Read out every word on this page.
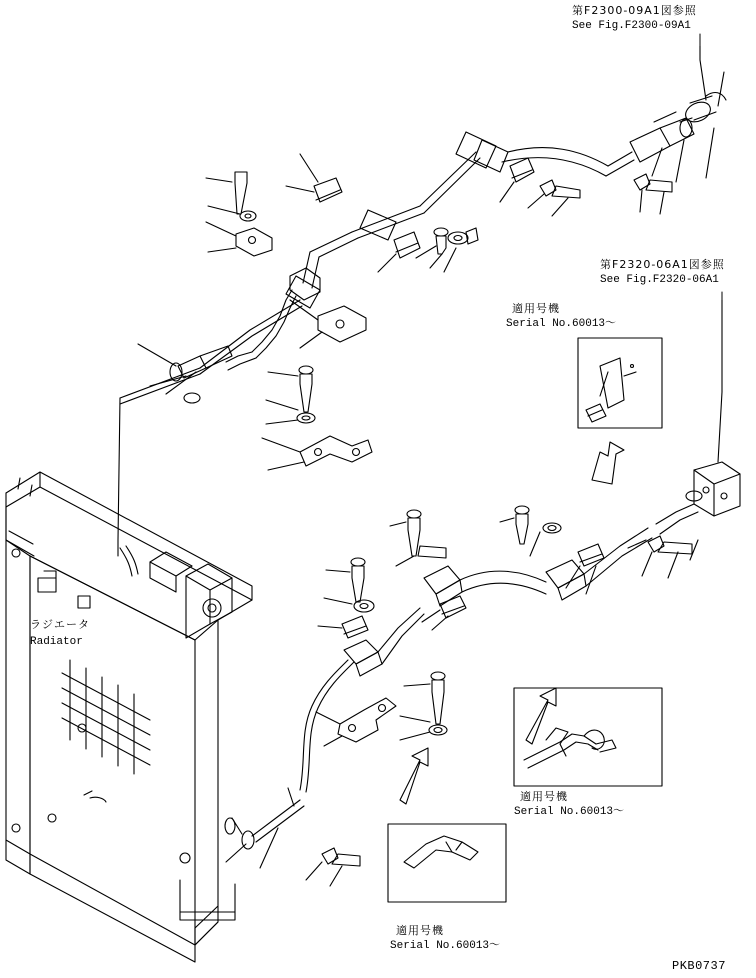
第F2300-09A1図参照
See Fig.F2300-09A1
第F2320-06A1図参照
See Fig.F2320-06A1
適用号機
Serial No.60013～
適用号機
Serial No.60013～
適用号機
Serial No.60013～
ラジエータ
Radiator
PKB0737
